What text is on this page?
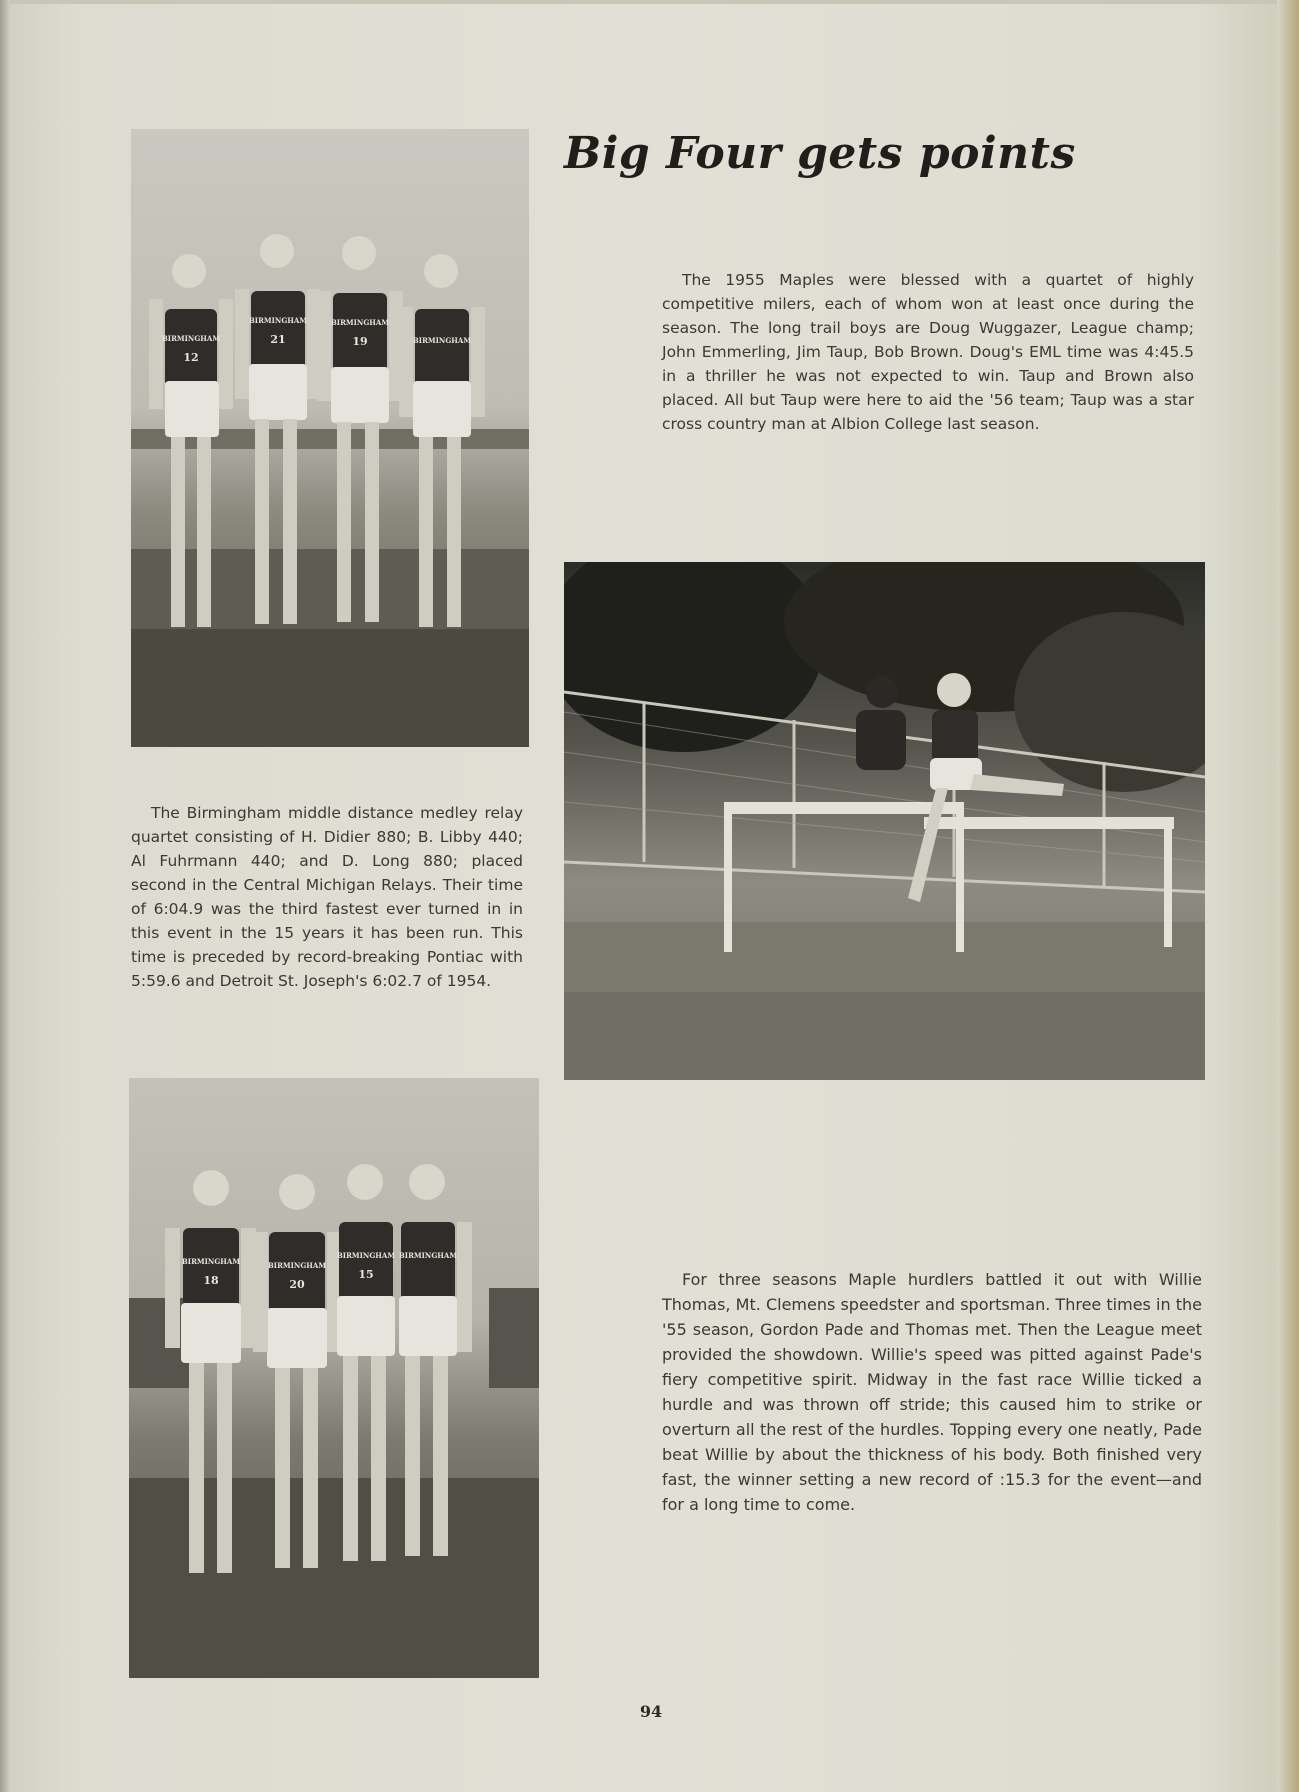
BIRMINGHAM
12
BIRMINGHAM
21
BIRMINGHAM
19	BIRMINGHAM
Big Four gets points

The 1955 Maples were blessed with a quartet of highly competitive milers, each of whom won at least once during the season. The long trail boys are Doug Wuggazer, League champ; John Emmerling, Jim Taup, Bob Brown. Doug's EML time was 4:45.5 in a thriller he was not expected to win. Taup and Brown also placed. All but Taup were here to aid the '56 team; Taup was a star cross country man at Albion College last season.

The Birmingham middle distance medley relay quartet consisting of H. Didier 880; B. Libby 440; Al Fuhrmann 440; and D. Long 880; placed second in the Central Michigan Relays. Their time of 6:04.9 was the third fastest ever turned in in this event in the 15 years it has been run. This time is preceded by record-breaking Pontiac with 5:59.6 and Detroit St. Joseph's 6:02.7 of 1954.

BIRMINGHAM
18
BIRMINGHAM
20
BIRMINGHAM
15
BIRMINGHAM

For three seasons Maple hurdlers battled it out with Willie Thomas, Mt. Clemens speedster and sportsman. Three times in the '55 season, Gordon Pade and Thomas met. Then the League meet provided the showdown. Willie's speed was pitted against Pade's fiery competitive spirit. Midway in the fast race Willie ticked a hurdle and was thrown off stride; this caused him to strike or overturn all the rest of the hurdles. Topping every one neatly, Pade beat Willie by about the thickness of his body. Both finished very fast, the winner setting a new record of :15.3 for the event—and for a long time to come.

94
